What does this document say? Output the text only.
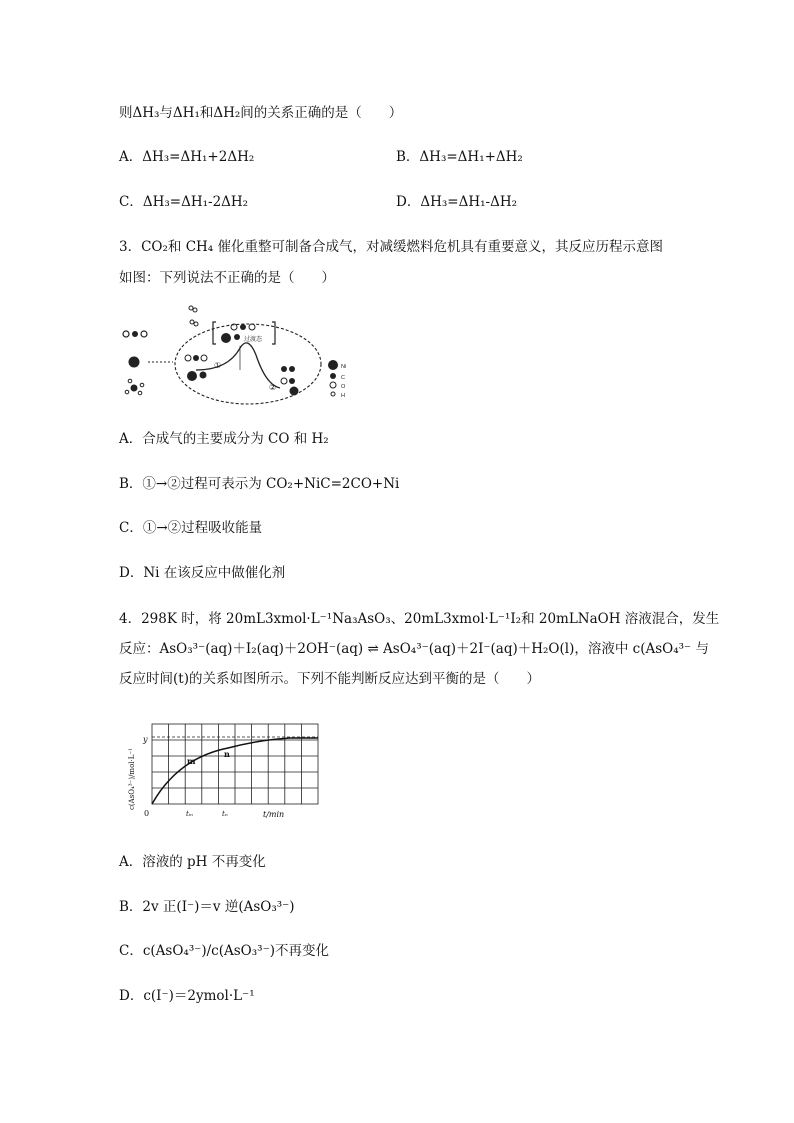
则ΔH₃与ΔH₁和ΔH₂间的关系正确的是（　　）
A．ΔH₃=ΔH₁+2ΔH₂	B．ΔH₃=ΔH₁+ΔH₂
C．ΔH₃=ΔH₁-2ΔH₂	D．ΔH₃=ΔH₁-ΔH₂
3．CO₂和 CH₄ 催化重整可制备合成气，对减缓燃料危机具有重要意义，其反应历程示意图
如图：下列说法不正确的是（　　）
过渡态
①
②
Ni
C
O
H
A．合成气的主要成分为 CO 和 H₂
B．①→②过程可表示为 CO₂+NiC=2CO+Ni
C．①→②过程吸收能量
D．Ni 在该反应中做催化剂
4．298K 时，将 20mL3xmol·L⁻¹Na₃AsO₃、20mL3xmol·L⁻¹I₂和 20mLNaOH 溶液混合，发生
反应：AsO₃³⁻(aq)＋I₂(aq)＋2OH⁻(aq) ⇌ AsO₄³⁻(aq)＋2I⁻(aq)＋H₂O(l)，溶液中 c(AsO₄³⁻ 与
反应时间(t)的关系如图所示。下列不能判断反应达到平衡的是（　　）
m
n
y
0	tₘ	tₙ	t/min
c(AsO₄³⁻)/mol·L⁻¹
A．溶液的 pH 不再变化
B．2v 正(I⁻)＝v 逆(AsO₃³⁻)
C．c(AsO₄³⁻)/c(AsO₃³⁻)不再变化
D．c(I⁻)＝2ymol·L⁻¹
